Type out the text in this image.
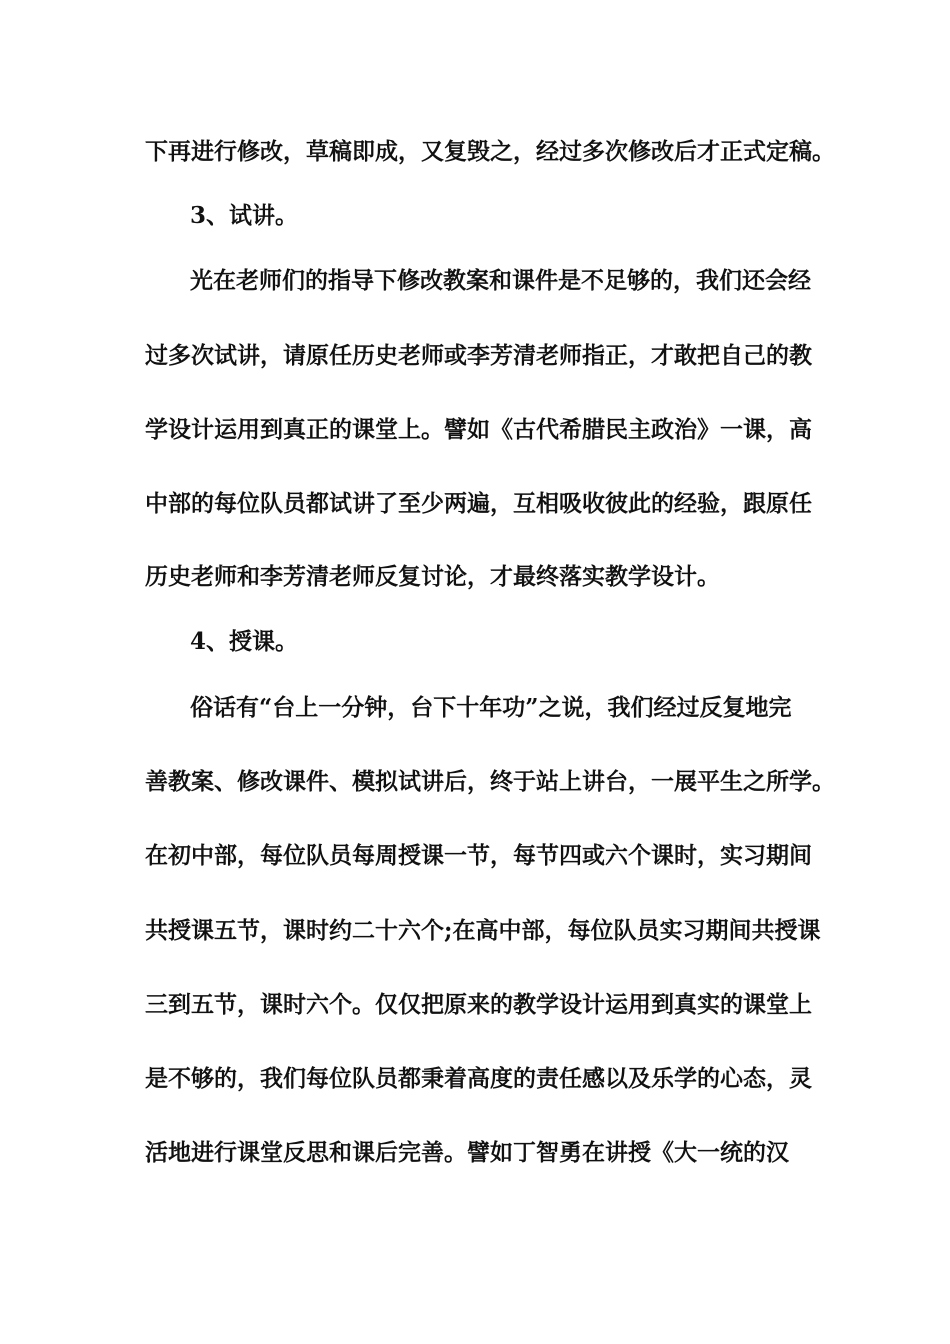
下再进行修改，草稿即成，又复毁之，经过多次修改后才正式定稿。
3、试讲。
光在老师们的指导下修改教案和课件是不足够的，我们还会经
过多次试讲，请原任历史老师或李芳清老师指正，才敢把自己的教
学设计运用到真正的课堂上。譬如《古代希腊民主政治》一课，高
中部的每位队员都试讲了至少两遍，互相吸收彼此的经验，跟原任
历史老师和李芳清老师反复讨论，才最终落实教学设计。
4、授课。
俗话有“台上一分钟，台下十年功”之说，我们经过反复地完
善教案、修改课件、模拟试讲后，终于站上讲台，一展平生之所学。
在初中部，每位队员每周授课一节，每节四或六个课时，实习期间
共授课五节，课时约二十六个;在高中部，每位队员实习期间共授课
三到五节，课时六个。仅仅把原来的教学设计运用到真实的课堂上
是不够的，我们每位队员都秉着高度的责任感以及乐学的心态，灵
活地进行课堂反思和课后完善。譬如丁智勇在讲授《大一统的汉
